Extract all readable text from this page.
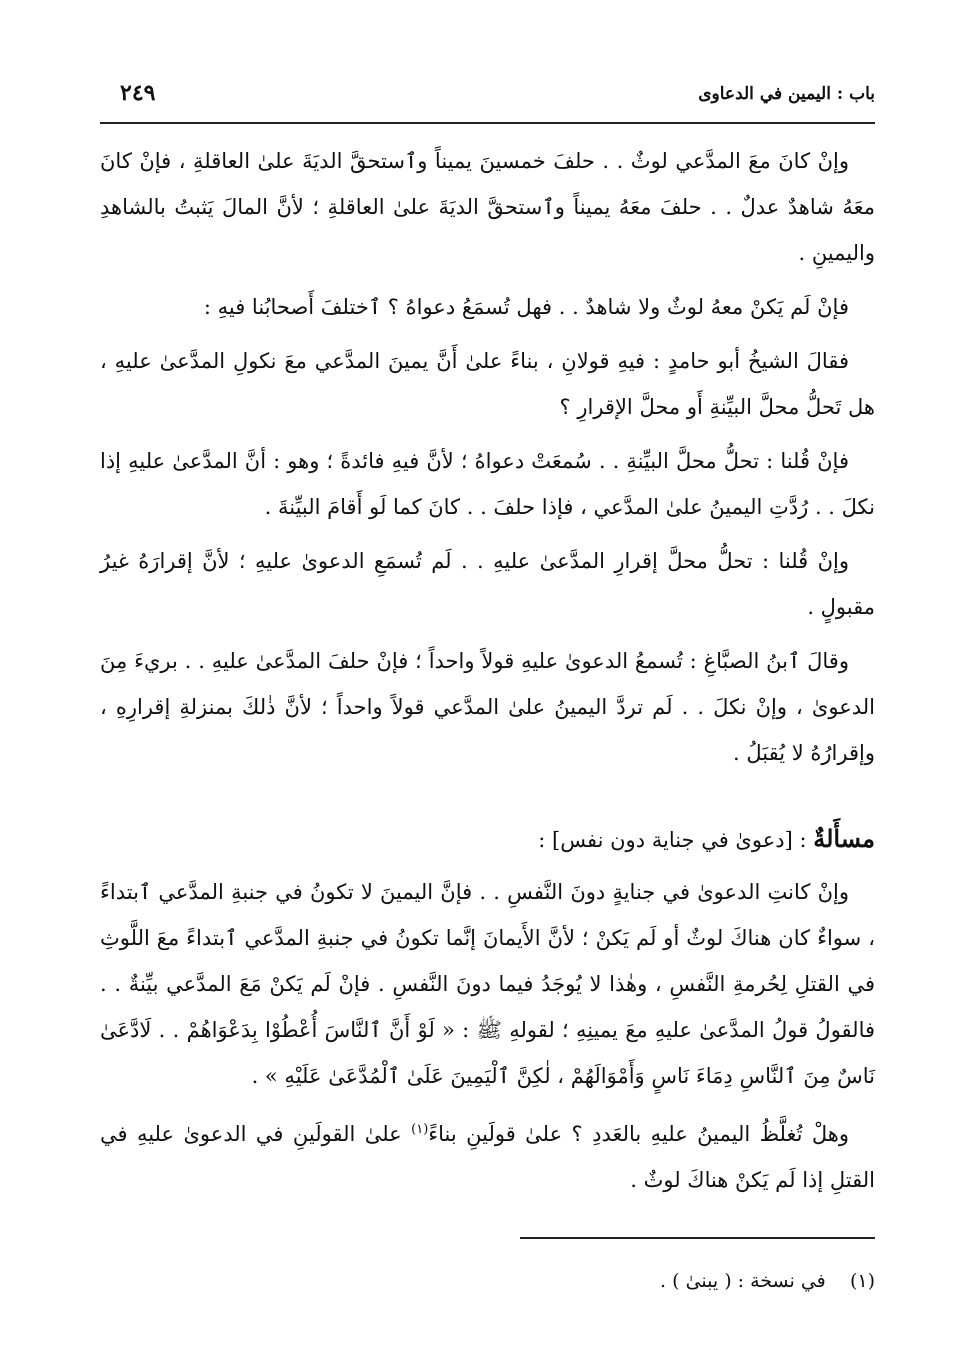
باب : اليمين في الدعاوى
٢٤٩

وإنْ كانَ معَ المدَّعي لوثٌ . . حلفَ خمسينَ يميناً وٱستحقَّ الديَةَ علىٰ العاقلةِ ، فإنْ كانَ معَهُ شاهدٌ عدلٌ . . حلفَ معَهُ يميناً وٱستحقَّ الديَةَ علىٰ العاقلةِ ؛ لأنَّ المالَ يَثبتُ بالشاهدِ واليمينِ .

فإنْ لَم يَكنْ معهُ لوثٌ ولا شاهدٌ . . فهل تُسمَعُ دعواهُ ؟ ٱختلفَ أَصحابُنا فيهِ :

فقالَ الشيخُ أبو حامدٍ : فيهِ قولانِ ، بناءً علىٰ أَنَّ يمينَ المدَّعي معَ نكولِ المدَّعىٰ عليهِ ، هل تَحلُّ محلَّ البيِّنةِ أَو محلَّ الإقرارِ ؟

فإنْ قُلنا : تحلُّ محلَّ البيِّنةِ . . سُمعَتْ دعواهُ ؛ لأنَّ فيهِ فائدةً ؛ وهو : أنَّ المدَّعىٰ عليهِ إذا نكلَ . . رُدَّتِ اليمينُ علىٰ المدَّعي ، فإذا حلفَ . . كانَ كما لَو أَقامَ البيِّنةَ .

وإنْ قُلنا : تحلُّ محلَّ إقرارِ المدَّعىٰ عليهِ . . لَم تُسمَعِ الدعوىٰ عليهِ ؛ لأنَّ إقرارَهُ غيرُ مقبولٍ .

وقالَ ٱبنُ الصبَّاغِ : تُسمعُ الدعوىٰ عليهِ قولاً واحداً ؛ فإنْ حلفَ المدَّعىٰ عليهِ . . بريءَ مِنَ الدعوىٰ ، وإنْ نكلَ . . لَم تردَّ اليمينُ علىٰ المدَّعي قولاً واحداً ؛ لأنَّ ذٰلكَ بمنزلةِ إقرارِهِ ، وإقرارُهُ لا يُقبَلُ .

مسأَلةٌ : [دعوىٰ في جناية دون نفس] :

وإنْ كانتِ الدعوىٰ في جنايةٍ دونَ النَّفسِ . . فإنَّ اليمينَ لا تكونُ في جنبةِ المدَّعي ٱبتداءً ، سواءٌ كان هناكَ لوثٌ أو لَم يَكنْ ؛ لأنَّ الأَيمانَ إنَّما تكونُ في جنبةِ المدَّعي ٱبتداءً معَ اللَّوثِ في القتلِ لِحُرمةِ النَّفسِ ، وهٰذا لا يُوجَدُ فيما دونَ النَّفسِ . فإنْ لَم يَكنْ مَعَ المدَّعي بيِّنةٌ . . فالقولُ قولُ المدَّعىٰ عليهِ معَ يمينِهِ ؛ لقولهِ ﷺ : « لَوْ أَنَّ ٱلنَّاسَ أُعْطُوْا بِدَعْوَاهُمْ . . لَادَّعَىٰ نَاسٌ مِنَ ٱلنَّاسِ دِمَاءَ نَاسٍ وَأَمْوَالَهُمْ ، لٰكِنَّ ٱلْيَمِينَ عَلَىٰ ٱلْمُدَّعَىٰ عَلَيْهِ » .

وهلْ تُغلَّظُ اليمينُ عليهِ بالعَددِ ؟ علىٰ قولَينِ بناءً$^{(١)}$ علىٰ القولَينِ في الدعوىٰ عليهِ في القتلِ إذا لَم يَكنْ هناكَ لوثٌ .

(١)    في نسخة : ( يبنىٰ ) .
